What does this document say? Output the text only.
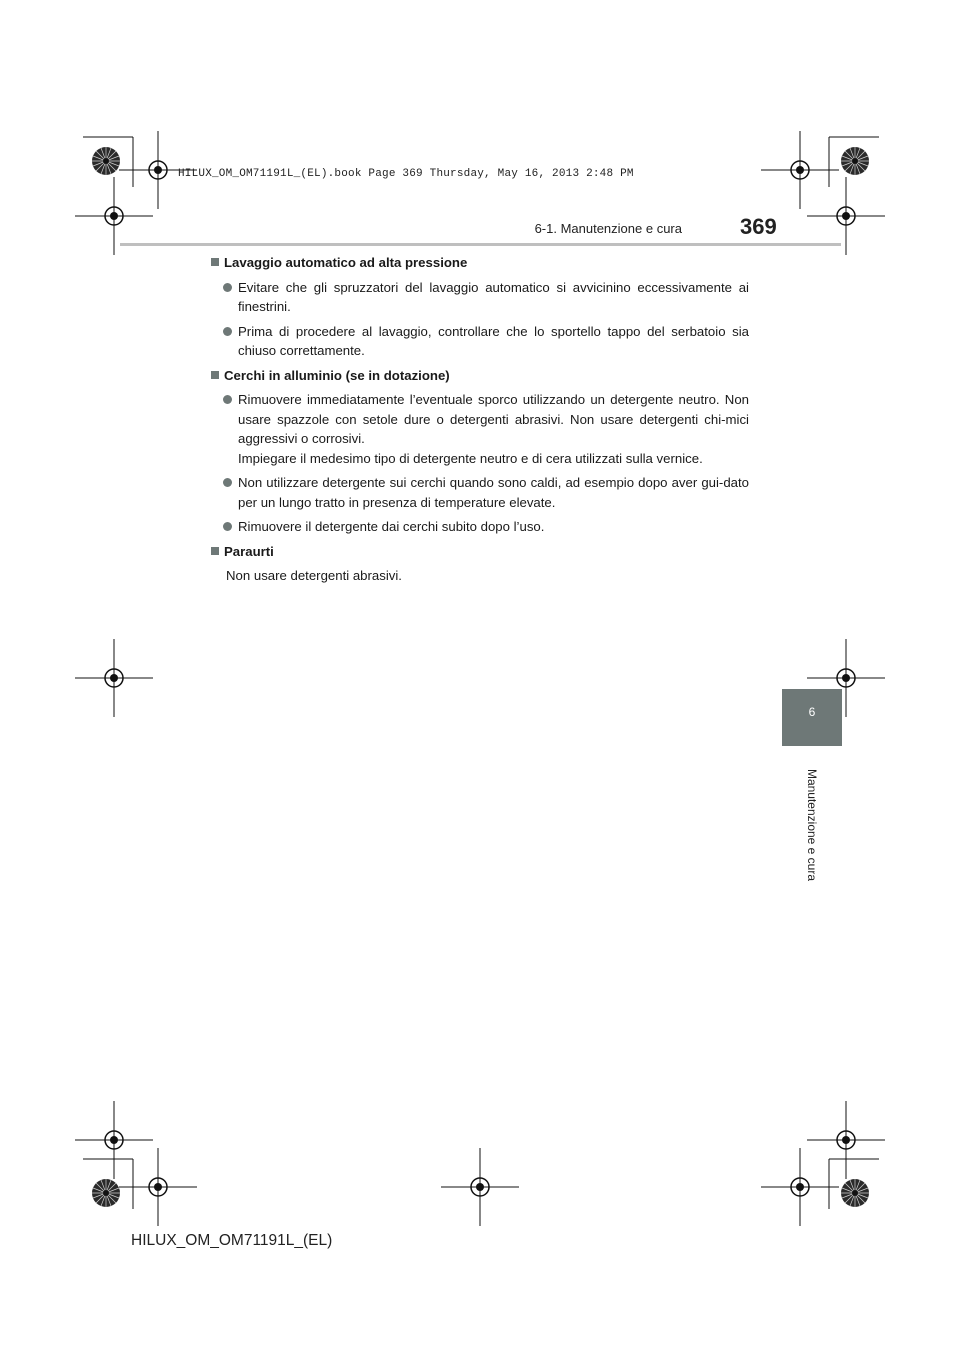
HILUX_OM_OM71191L_(EL).book Page 369 Thursday, May 16, 2013 2:48 PM
6-1. Manutenzione e cura	369
Lavaggio automatico ad alta pressione
Evitare che gli spruzzatori del lavaggio automatico si avvicinino eccessivamente ai finestrini.
Prima di procedere al lavaggio, controllare che lo sportello tappo del serbatoio sia chiuso correttamente.
Cerchi in alluminio (se in dotazione)
Rimuovere immediatamente l’eventuale sporco utilizzando un detergente neutro. Non usare spazzole con setole dure o detergenti abrasivi. Non usare detergenti chi-mici aggressivi o corrosivi.
Impiegare il medesimo tipo di detergente neutro e di cera utilizzati sulla vernice.
Non utilizzare detergente sui cerchi quando sono caldi, ad esempio dopo aver gui-dato per un lungo tratto in presenza di temperature elevate.
Rimuovere il detergente dai cerchi subito dopo l’uso.
Paraurti
Non usare detergenti abrasivi.
6
Manutenzione e cura
HILUX_OM_OM71191L_(EL)
